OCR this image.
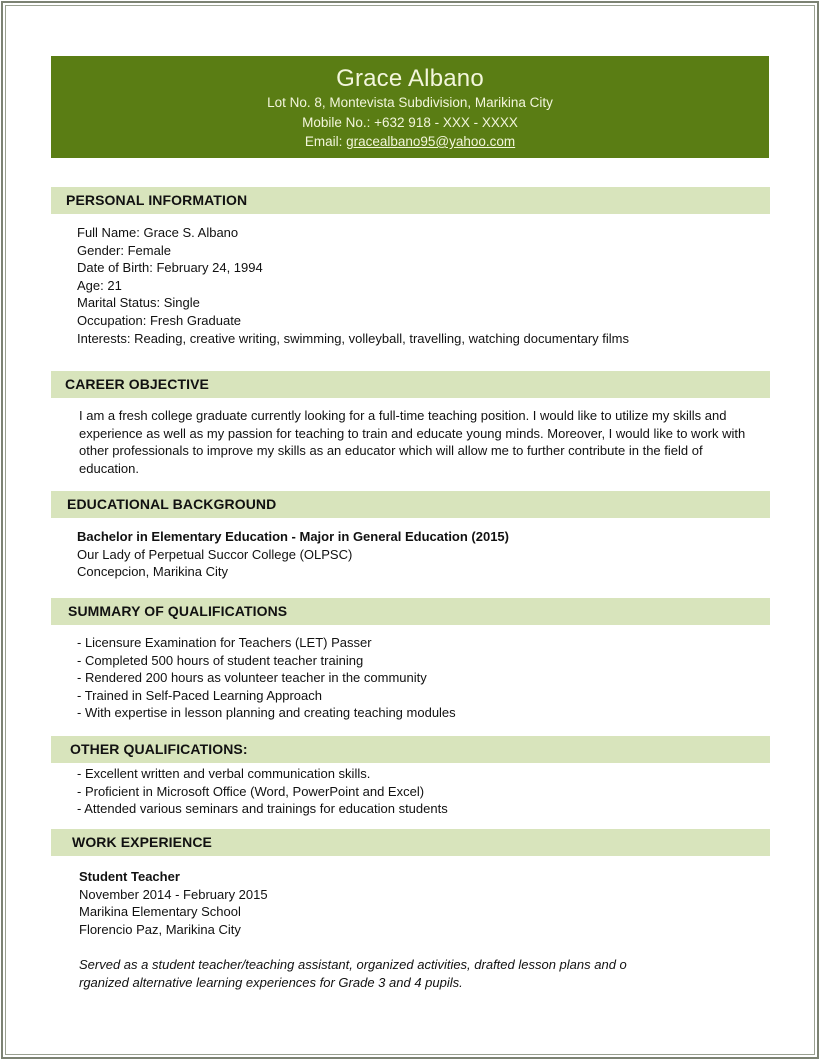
Grace Albano
Lot No. 8, Montevista Subdivision, Marikina City
Mobile No.: +632 918 - XXX - XXXX
Email: gracealbano95@yahoo.com
PERSONAL INFORMATION
Full Name: Grace S. Albano
Gender: Female
Date of Birth: February 24, 1994
Age: 21
Marital Status: Single
Occupation: Fresh Graduate
Interests: Reading, creative writing, swimming, volleyball, travelling, watching documentary films
CAREER OBJECTIVE
I am a fresh college graduate currently looking for a full-time teaching position. I would like to utilize my skills and experience as well as my passion for teaching to train and educate young minds. Moreover, I would like to work with other professionals to improve my skills as an educator which will allow me to further contribute in the field of education.
EDUCATIONAL BACKGROUND
Bachelor in Elementary Education - Major in General Education (2015)
Our Lady of Perpetual Succor College (OLPSC)
Concepcion, Marikina City
SUMMARY OF QUALIFICATIONS
- Licensure Examination for Teachers (LET) Passer
- Completed 500 hours of student teacher training
- Rendered 200 hours as volunteer teacher in the community
- Trained in Self-Paced Learning Approach
- With expertise in lesson planning and creating teaching modules
OTHER QUALIFICATIONS:
- Excellent written and verbal communication skills.
- Proficient in Microsoft Office (Word, PowerPoint and Excel)
- Attended various seminars and trainings for education students
WORK EXPERIENCE
Student Teacher
November 2014 - February 2015
Marikina Elementary School
Florencio Paz, Marikina City
Served as a student teacher/teaching assistant, organized activities, drafted lesson plans and o
rganized alternative learning experiences for Grade 3 and 4 pupils.
